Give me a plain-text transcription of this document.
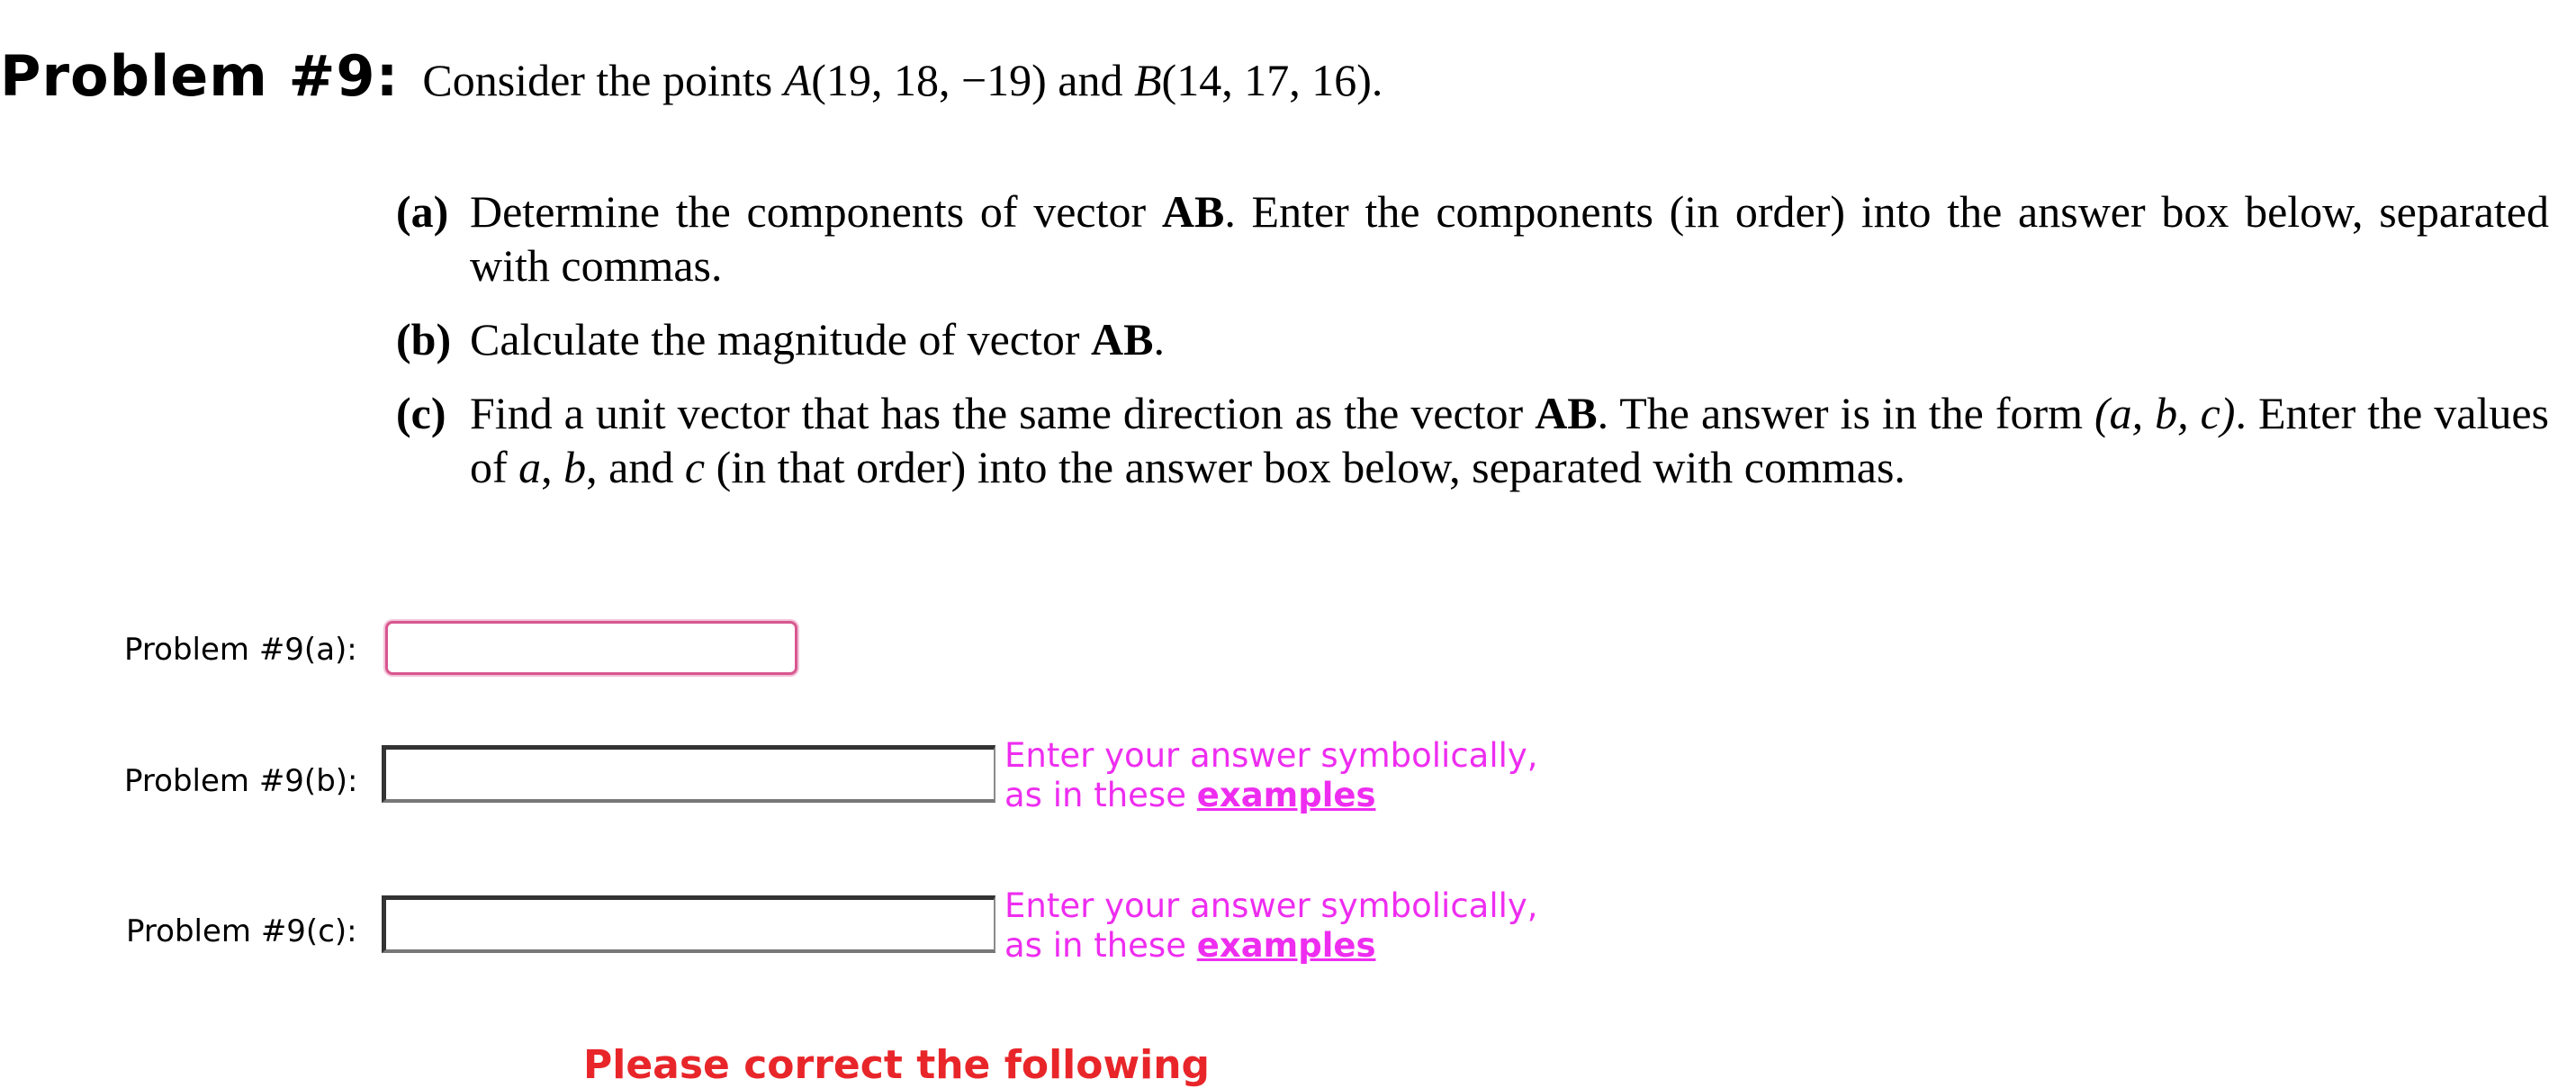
Problem #9: Consider the points A(19, 18, −19) and B(14, 17, 16).
(a) Determine the components of vector AB. Enter the components (in order) into the answer box below, separated with commas.
(b) Calculate the magnitude of vector AB.
(c) Find a unit vector that has the same direction as the vector AB. The answer is in the form (a, b, c). Enter the values of a, b, and c (in that order) into the answer box below, separated with commas.
Problem #9(a):
Problem #9(b):
Enter your answer symbolically,
as in these examples
Problem #9(c):
Enter your answer symbolically,
as in these examples
Please correct the following
